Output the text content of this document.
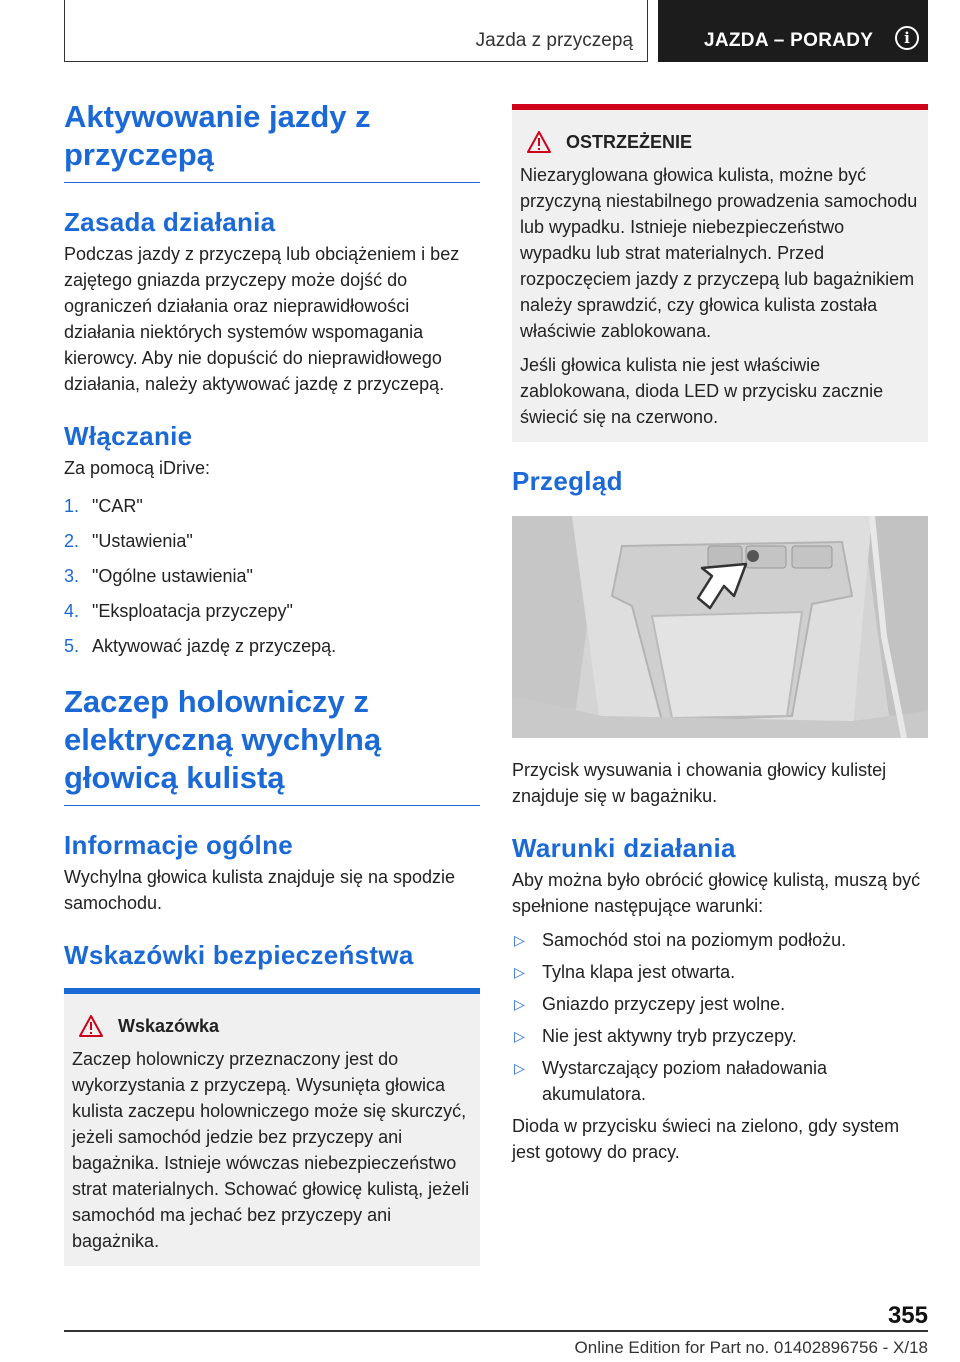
Jazda z przyczepą	JAZDA – PORADY	i
Aktywowanie jazdy z przyczepą
Zasada działania

Podczas jazdy z przyczepą lub obciążeniem i bez zajętego gniazda przyczepy może dojść do ograniczeń działania oraz nieprawidłowości działania niektórych systemów wspomagania kierowcy. Aby nie dopuścić do nieprawidłowego działania, należy aktywować jazdę z przyczepą.

Włączanie

Za pomocą iDrive:

1. "CAR"
2. "Ustawienia"
3. "Ogólne ustawienia"
4. "Eksploatacja przyczepy"
5. Aktywować jazdę z przyczepą.
Zaczep holowniczy z elektryczną wychylną głowicą kulistą
Informacje ogólne

Wychylna głowica kulista znajduje się na spodzie samochodu.

Wskazówki bezpieczeństwa
Wskazówka

Zaczep holowniczy przeznaczony jest do wykorzystania z przyczepą. Wysunięta głowica kulista zaczepu holowniczego może się skurczyć, jeżeli samochód jedzie bez przyczepy ani bagażnika. Istnieje wówczas niebezpieczeństwo strat materialnych. Schować głowicę kulistą, jeżeli samochód ma jechać bez przyczepy ani bagażnika.

OSTRZEŻENIE

Niezaryglowana głowica kulista, możne być przyczyną niestabilnego prowadzenia samochodu lub wypadku. Istnieje niebezpieczeństwo wypadku lub strat materialnych. Przed rozpoczęciem jazdy z przyczepą lub bagażnikiem należy sprawdzić, czy głowica kulista została właściwie zablokowana.

Jeśli głowica kulista nie jest właściwie zablokowana, dioda LED w przycisku zacznie świecić się na czerwono.

Przegląd

Przycisk wysuwania i chowania głowicy kulistej znajduje się w bagażniku.

Warunki działania

Aby można było obrócić głowicę kulistą, muszą być spełnione następujące warunki:

▷ Samochód stoi na poziomym podłożu.
▷ Tylna klapa jest otwarta.
▷ Gniazdo przyczepy jest wolne.
▷ Nie jest aktywny tryb przyczepy.
▷ Wystarczający poziom naładowania akumulatora.

Dioda w przycisku świeci na zielono, gdy system jest gotowy do pracy.

355
Online Edition for Part no. 01402896756 - X/18
